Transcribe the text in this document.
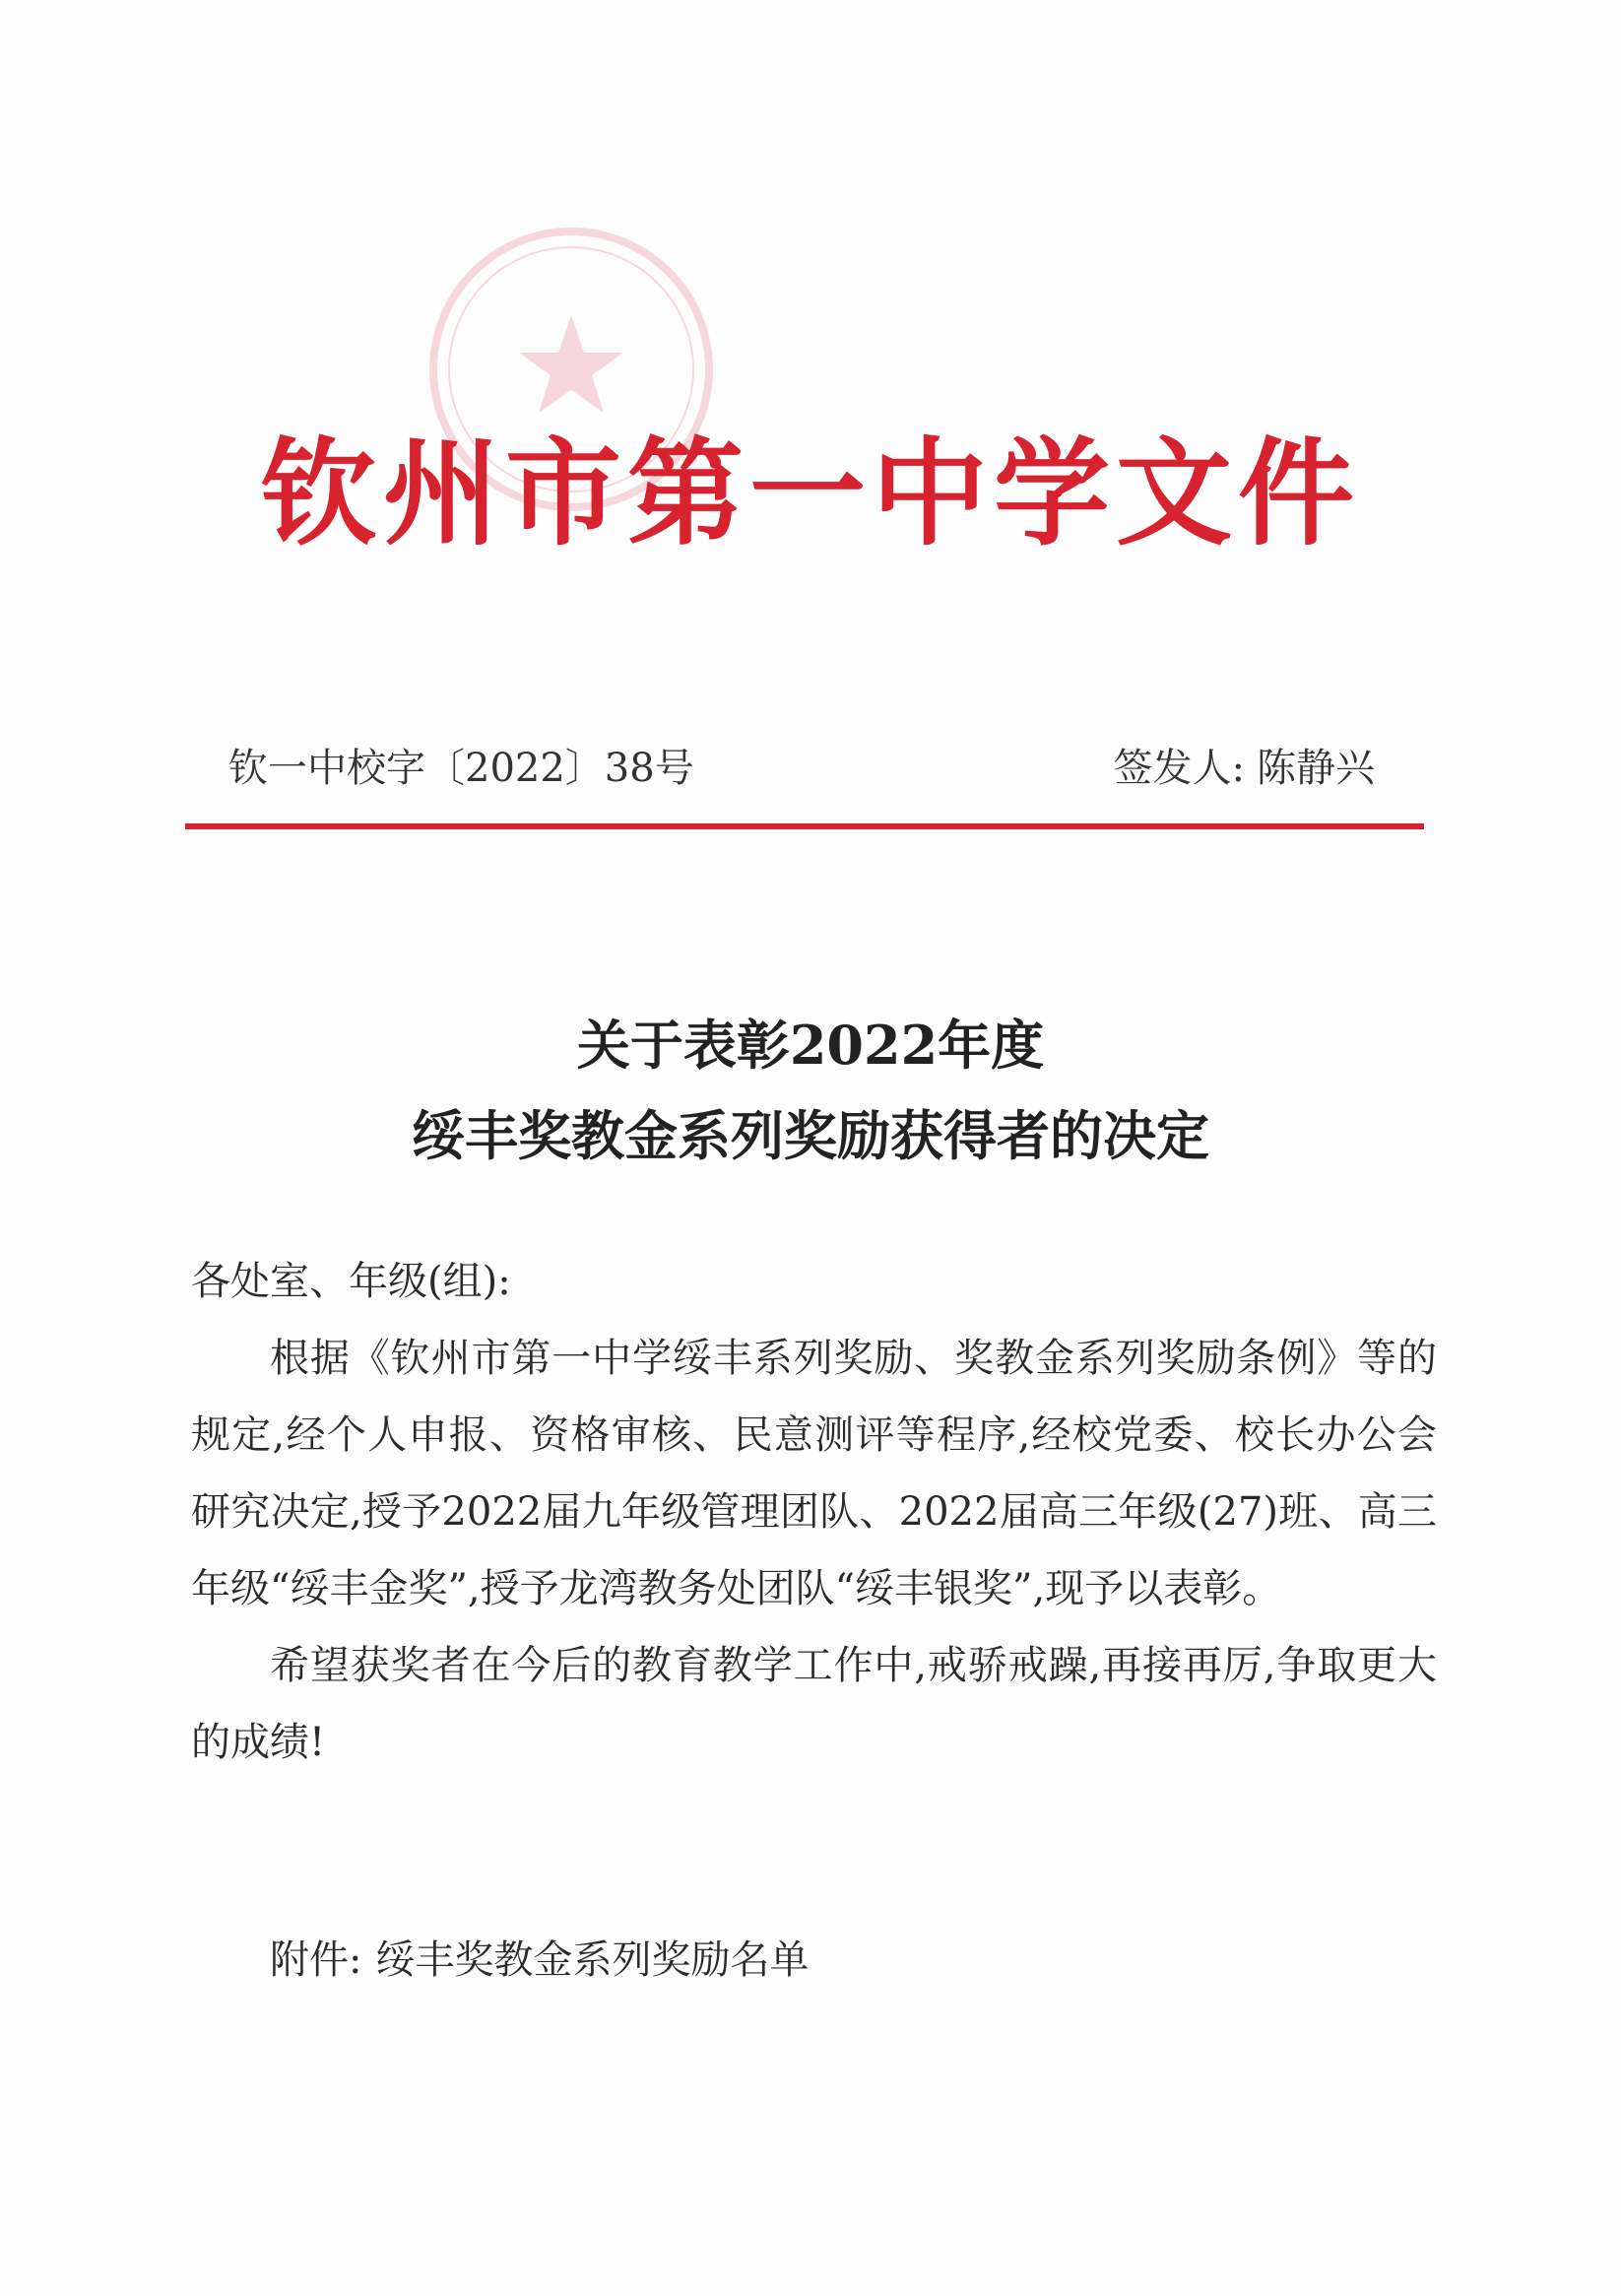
钦州市第一中学文件
钦一中校字〔2022〕38号	签发人: 陈静兴
关于表彰2022年度
绥丰奖教金系列奖励获得者的决定

各处室、年级(组):

根据《钦州市第一中学绥丰系列奖励、奖教金系列奖励条例》等的规定,经个人申报、资格审核、民意测评等程序,经校党委、校长办公会研究决定,授予2022届九年级管理团队、2022届高三年级(27)班、高三年级“绥丰金奖”,授予龙湾教务处团队“绥丰银奖”,现予以表彰。

希望获奖者在今后的教育教学工作中,戒骄戒躁,再接再厉,争取更大的成绩!

附件: 绥丰奖教金系列奖励名单
